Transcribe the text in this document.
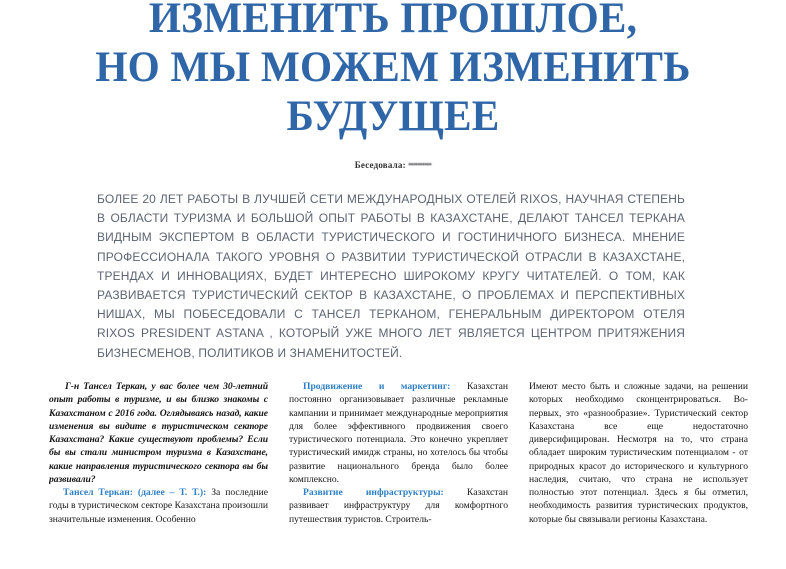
ИЗМЕНИТЬ ПРОШЛОЕ,
НО МЫ МОЖЕМ ИЗМЕНИТЬ
БУДУЩЕЕ
Беседовала: ••••••••••
БОЛЕЕ 20 ЛЕТ РАБОТЫ В ЛУЧШЕЙ СЕТИ МЕЖДУНАРОДНЫХ ОТЕЛЕЙ RIXOS, НАУЧНАЯ СТЕПЕНЬ В ОБЛАСТИ ТУРИЗМА И БОЛЬШОЙ ОПЫТ РАБОТЫ В КАЗАХСТАНЕ, ДЕЛАЮТ ТАНСЕЛ ТЕРКАНА ВИДНЫМ ЭКСПЕРТОМ В ОБЛАСТИ ТУРИСТИЧЕСКОГО И ГОСТИНИЧНОГО БИЗНЕСА. МНЕНИЕ ПРОФЕССИОНАЛА ТАКОГО УРОВНЯ О РАЗВИТИИ ТУРИСТИЧЕСКОЙ ОТРАСЛИ В КАЗАХСТАНЕ, ТРЕНДАХ И ИННОВАЦИЯХ, БУДЕТ ИНТЕРЕСНО ШИРОКОМУ КРУГУ ЧИТАТЕЛЕЙ. О ТОМ, КАК РАЗВИВАЕТСЯ ТУРИСТИЧЕСКИЙ СЕКТОР В КАЗАХСТАНЕ, О ПРОБЛЕМАХ И ПЕРСПЕКТИВНЫХ НИШАХ, МЫ ПОБЕСЕДОВАЛИ С ТАНСЕЛ ТЕРКАНОМ, ГЕНЕРАЛЬНЫМ ДИРЕКТОРОМ ОТЕЛЯ RIXOS PRESIDENT ASTANA , КОТОРЫЙ УЖЕ МНОГО ЛЕТ ЯВЛЯЕТСЯ ЦЕНТРОМ ПРИТЯЖЕНИЯ БИЗНЕСМЕНОВ, ПОЛИТИКОВ И ЗНАМЕНИТОСТЕЙ.

Г-н Тансел Теркан, у вас более чем 30-летний опыт работы в туризме, и вы близко знакомы с Казахстаном с 2016 года. Оглядываясь назад, какие изменения вы видите в туристическом секторе Казахстана? Какие существуют проблемы? Если бы вы стали министром туризма в Казахстане, какие направления туристического сектора вы бы развивали?

Тансел Теркан: (далее – Т. Т.): За последние годы в туристическом секторе Казахстана произошли значительные изменения. Особенно

Продвижение и маркетинг: Казахстан постоянно организовывает различные рекламные кампании и принимает международные мероприятия для более эффективного продвижения своего туристического потенциала. Это конечно укрепляет туристический имидж страны, но хотелось бы чтобы развитие национального бренда было более комплексно.

Развитие инфраструктуры: Казахстан развивает инфраструктуру для комфортного путешествия туристов. Строитель-

Имеют место быть и сложные задачи, на решении которых необходимо сконцентрироваться. Во-первых, это «разнообразие». Туристический сектор Казахстана все еще недостаточно диверсифицирован. Несмотря на то, что страна обладает широким туристическим потенциалом - от природных красот до исторического и культурного наследия, считаю, что страна не использует полностью этот потенциал. Здесь я бы отметил, необходимость развития туристических продуктов, которые бы связывали регионы Казахстана.
